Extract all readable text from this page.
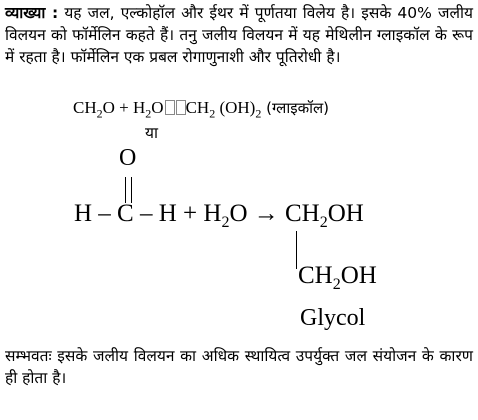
व्याख्या : यह जल, एल्कोहॉल और ईथर में पूर्णतया विलेय है। इसके 40% जलीय विलयन को फॉर्मेलिन कहते हैं। तनु जलीय विलयन में यह मेथिलीन ग्लाइकॉल के रूप में रहता है। फॉर्मेलिन एक प्रबल रोगाणुनाशी और पूतिरोधी है।
$CH_2O + H_2O$ $CH_2$ $(OH)_2$ (ग्लाइकॉल)
या
O
$H - C - H + H_2O \to CH_2OH$
$CH_2OH$
Glycol
सम्भवतः इसके जलीय विलयन का अधिक स्थायित्व उपर्युक्त जल संयोजन के कारण ही होता है।
